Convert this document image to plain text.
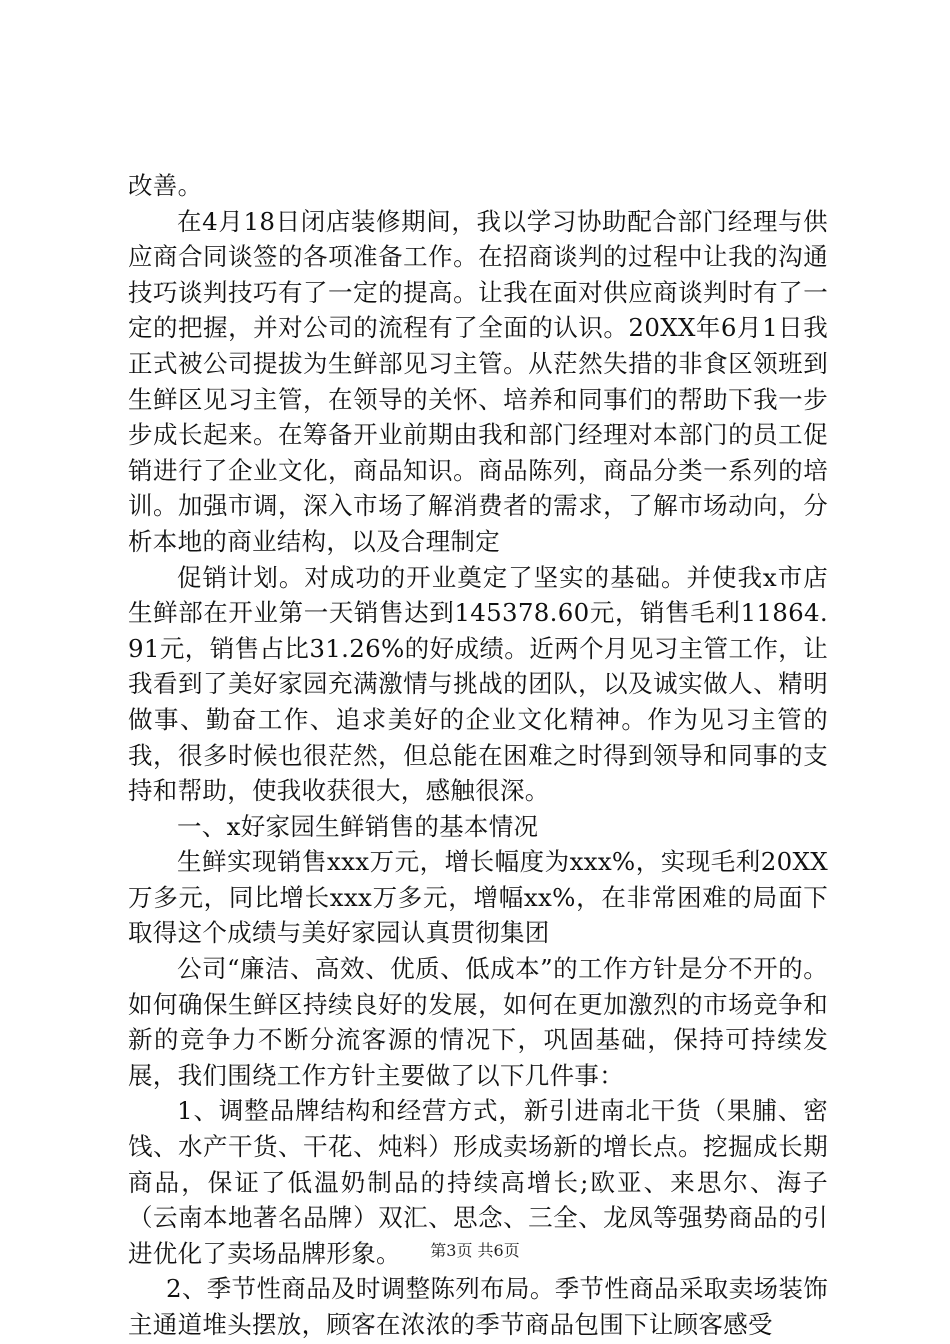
改善。

在4月18日闭店装修期间，我以学习协助配合部门经理与供应商合同谈签的各项准备工作。在招商谈判的过程中让我的沟通技巧谈判技巧有了一定的提高。让我在面对供应商谈判时有了一定的把握，并对公司的流程有了全面的认识。20XX年6月1日我正式被公司提拔为生鲜部见习主管。从茫然失措的非食区领班到生鲜区见习主管，在领导的关怀、培养和同事们的帮助下我一步步成长起来。在筹备开业前期由我和部门经理对本部门的员工促销进行了企业文化，商品知识。商品陈列，商品分类一系列的培训。加强市调，深入市场了解消费者的需求，了解市场动向，分析本地的商业结构，以及合理制定

促销计划。对成功的开业奠定了坚实的基础。并使我x市店生鲜部在开业第一天销售达到145378.60元，销售毛利11864.91元，销售占比31.26%的好成绩。近两个月见习主管工作，让我看到了美好家园充满激情与挑战的团队，以及诚实做人、精明做事、勤奋工作、追求美好的企业文化精神。作为见习主管的我，很多时候也很茫然，但总能在困难之时得到领导和同事的支持和帮助，使我收获很大，感触很深。

一、x好家园生鲜销售的基本情况

生鲜实现销售xxx万元，增长幅度为xxx%，实现毛利20XX万多元，同比增长xxx万多元，增幅xx%，在非常困难的局面下取得这个成绩与美好家园认真贯彻集团

公司“廉洁、高效、优质、低成本”的工作方针是分不开的。如何确保生鲜区持续良好的发展，如何在更加激烈的市场竞争和新的竞争力不断分流客源的情况下，巩固基础，保持可持续发展，我们围绕工作方针主要做了以下几件事：

1、调整品牌结构和经营方式，新引进南北干货（果脯、密饯、水产干货、干花、炖料）形成卖场新的增长点。挖掘成长期商品，保证了低温奶制品的持续高增长;欧亚、来思尔、海子（云南本地著名品牌）双汇、思念、三全、龙凤等强势商品的引进优化了卖场品牌形象。

2、季节性商品及时调整陈列布局。季节性商品采取卖场装饰主通道堆头摆放，顾客在浓浓的季节商品包围下让顾客感受

第3页 共6页
